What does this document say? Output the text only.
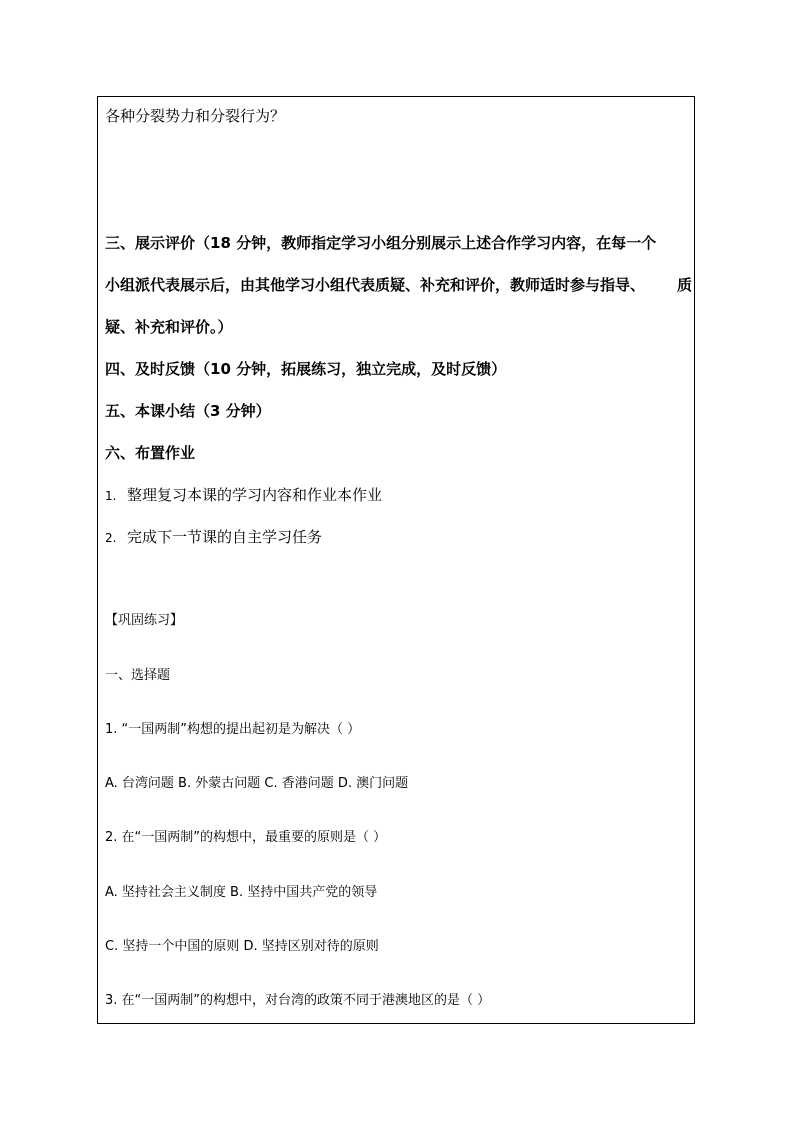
各种分裂势力和分裂行为？
三、展示评价（18 分钟，教师指定学习小组分别展示上述合作学习内容，在每一个
小组派代表展示后，由其他学习小组代表质疑、补充和评价，教师适时参与指导、 质
疑、补充和评价。）
四、及时反馈（10 分钟，拓展练习，独立完成，及时反馈）
五、本课小结（3 分钟）
六、布置作业
1. 整理复习本课的学习内容和作业本作业
2. 完成下一节课的自主学习任务
【巩固练习】
一、选择题
1. “一国两制”构想的提出起初是为解决（ ）
A. 台湾问题 B. 外蒙古问题 C. 香港问题 D. 澳门问题
2. 在“一国两制”的构想中，最重要的原则是（ ）
A. 坚持社会主义制度 B. 坚持中国共产党的领导
C. 坚持一个中国的原则 D. 坚持区别对待的原则
3. 在“一国两制”的构想中，对台湾的政策不同于港澳地区的是（ ）
